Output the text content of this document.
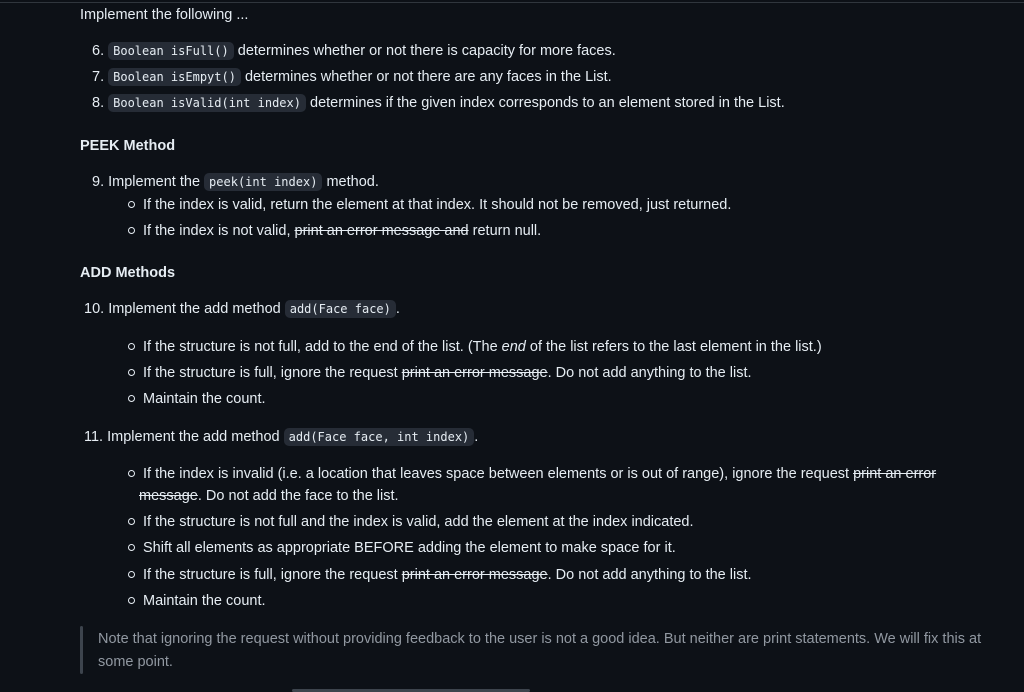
Implement the following ...
6. Boolean isFull() determines whether or not there is capacity for more faces.
7. Boolean isEmpyt() determines whether or not there are any faces in the List.
8. Boolean isValid(int index) determines if the given index corresponds to an element stored in the List.
PEEK Method
9. Implement the peek(int index) method.
If the index is valid, return the element at that index. It should not be removed, just returned.
If the index is not valid, print an error message and return null.
ADD Methods
10. Implement the add method add(Face face) .
If the structure is not full, add to the end of the list. (The end of the list refers to the last element in the list.)
If the structure is full, ignore the request print an error message. Do not add anything to the list.
Maintain the count.
11. Implement the add method add(Face face, int index) .
If the index is invalid (i.e. a location that leaves space between elements or is out of range), ignore the request print an error
message. Do not add the face to the list.
If the structure is not full and the index is valid, add the element at the index indicated.
Shift all elements as appropriate BEFORE adding the element to make space for it.
If the structure is full, ignore the request print an error message. Do not add anything to the list.
Maintain the count.
Note that ignoring the request without providing feedback to the user is not a good idea. But neither are print statements. We will fix this at some point.
